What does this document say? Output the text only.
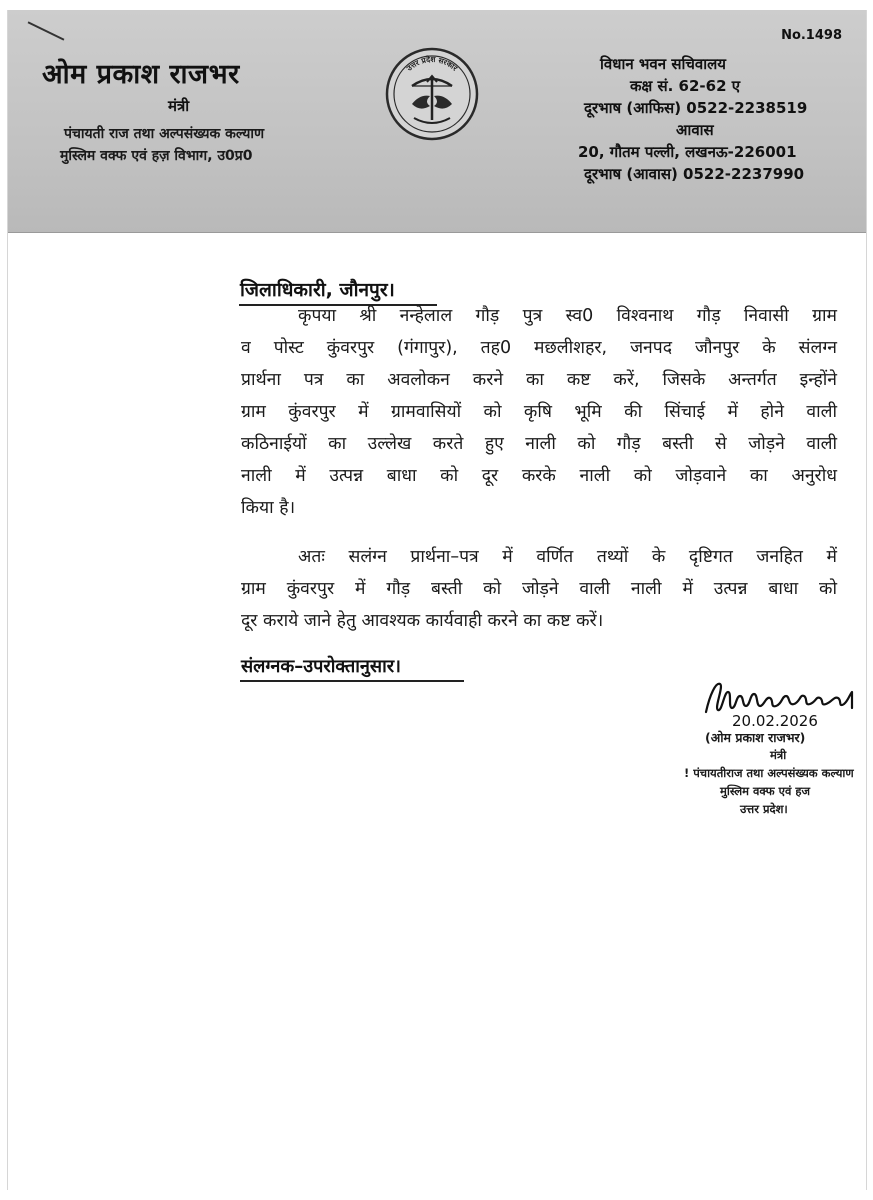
ओम प्रकाश राजभर
मंत्री
पंचायती राज तथा अल्पसंख्यक कल्याण
मुस्लिम वक्फ एवं हज़ विभाग, उ0प्र0
उत्तर प्रदेश सरकार
No.1498
विधान भवन सचिवालय
कक्ष सं. 62-62 ए
दूरभाष (आफिस) 0522-2238519
आवास
20, गौतम पल्ली, लखनऊ-226001
दूरभाष (आवास) 0522-2237990
जिलाधिकारी, जौनपुर।
कृपया श्री नन्हेलाल गौड़ पुत्र स्व0 विश्वनाथ गौड़ निवासी ग्राम
व पोस्ट कुंवरपुर (गंगापुर), तह0 मछलीशहर, जनपद जौनपुर के संलग्न
प्रार्थना पत्र का अवलोकन करने का कष्ट करें, जिसके अन्तर्गत इन्होंने
ग्राम कुंवरपुर में ग्रामवासियों को कृषि भूमि की सिंचाई में होने वाली
कठिनाईयों का उल्लेख करते हुए नाली को गौड़ बस्ती से जोड़ने वाली
नाली में उत्पन्न बाधा को दूर करके नाली को जोड़वाने का अनुरोध
किया है।
अतः सलंग्न प्रार्थना–पत्र में वर्णित तथ्यों के दृष्टिगत जनहित में
ग्राम कुंवरपुर में गौड़ बस्ती को जोड़ने वाली नाली में उत्पन्न बाधा को
दूर कराये जाने हेतु आवश्यक कार्यवाही करने का कष्ट करें।
संलग्नक–उपरोक्तानुसार।
20.02.2026
(ओम प्रकाश राजभर)
मंत्री
! पंचायतीराज तथा अल्पसंख्यक कल्याण
मुस्लिम वक्फ एवं हज
उत्तर प्रदेश।
